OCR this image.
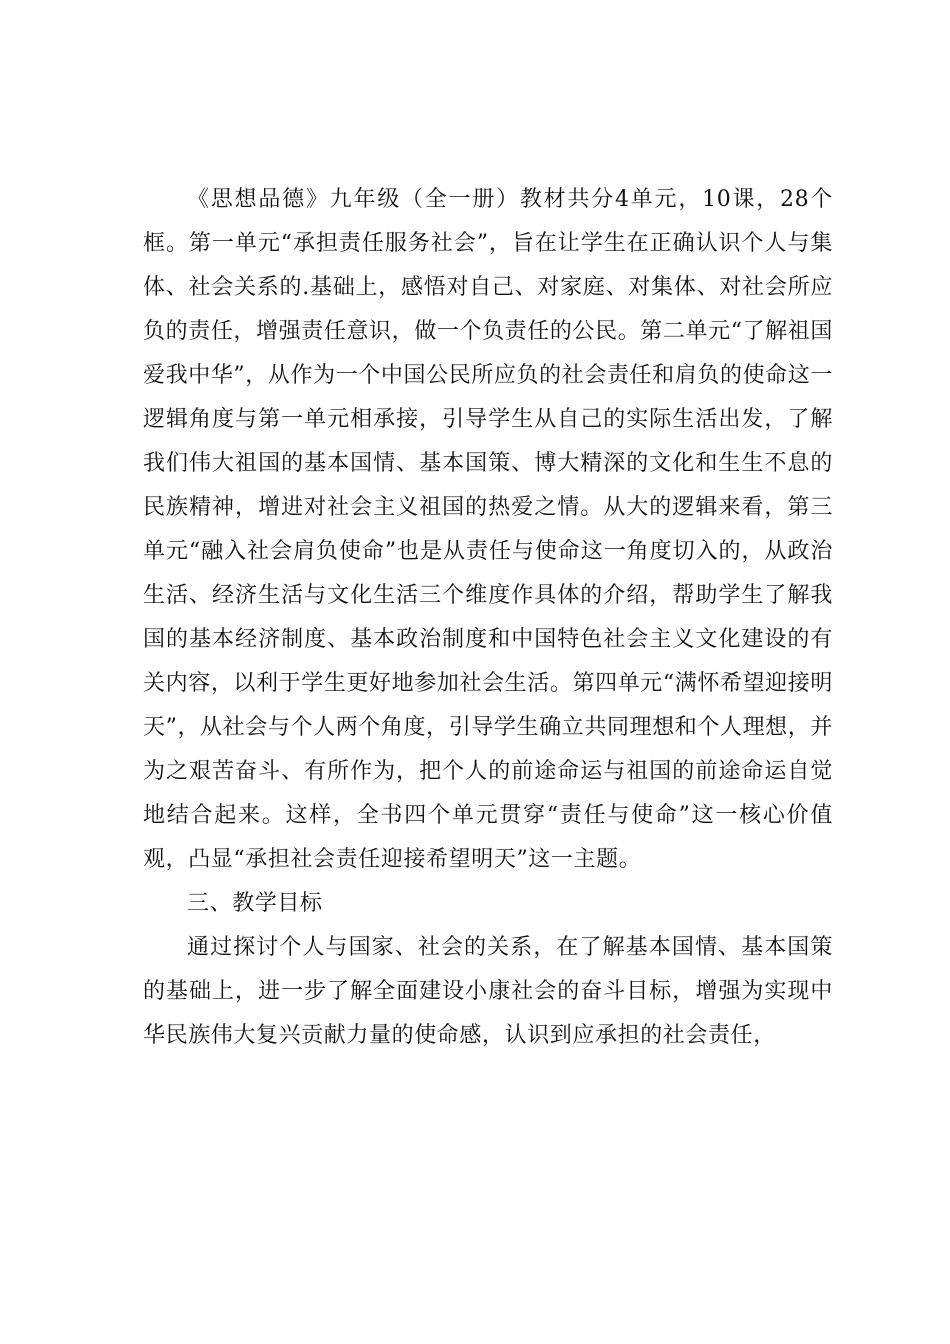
《思想品德》九年级（全一册）教材共分4单元，10课，28个框。第一单元“承担责任服务社会”，旨在让学生在正确认识个人与集体、社会关系的.基础上，感悟对自己、对家庭、对集体、对社会所应负的责任，增强责任意识，做一个负责任的公民。第二单元“了解祖国爱我中华”，从作为一个中国公民所应负的社会责任和肩负的使命这一逻辑角度与第一单元相承接，引导学生从自己的实际生活出发，了解我们伟大祖国的基本国情、基本国策、博大精深的文化和生生不息的民族精神，增进对社会主义祖国的热爱之情。从大的逻辑来看，第三单元“融入社会肩负使命”也是从责任与使命这一角度切入的，从政治生活、经济生活与文化生活三个维度作具体的介绍，帮助学生了解我国的基本经济制度、基本政治制度和中国特色社会主义文化建设的有关内容，以利于学生更好地参加社会生活。第四单元“满怀希望迎接明天”，从社会与个人两个角度，引导学生确立共同理想和个人理想，并为之艰苦奋斗、有所作为，把个人的前途命运与祖国的前途命运自觉地结合起来。这样，全书四个单元贯穿“责任与使命”这一核心价值观，凸显“承担社会责任迎接希望明天”这一主题。

三、教学目标

通过探讨个人与国家、社会的关系，在了解基本国情、基本国策的基础上，进一步了解全面建设小康社会的奋斗目标，增强为实现中华民族伟大复兴贡献力量的使命感，认识到应承担的社会责任，
